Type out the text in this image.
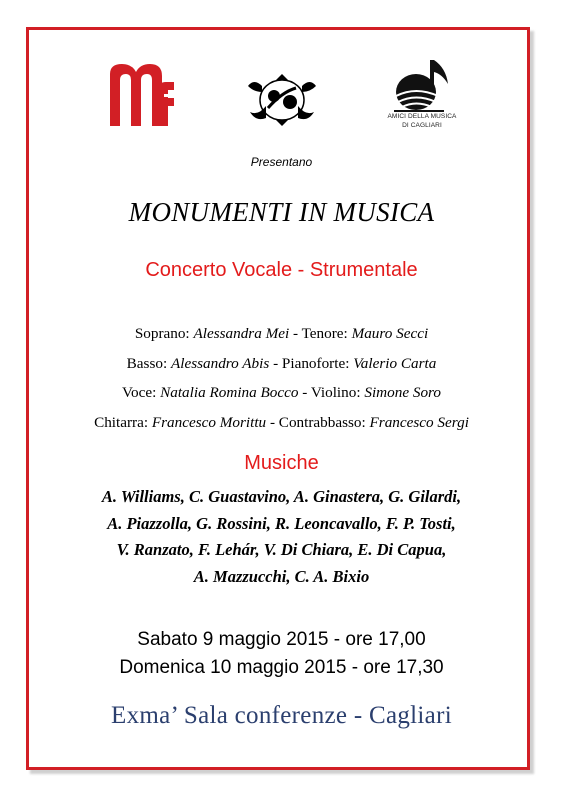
AMICI DELLA MUSICA
DI CAGLIARI
Presentano
MONUMENTI IN MUSICA
Concerto Vocale - Strumentale
Soprano: Alessandra Mei - Tenore: Mauro Secci
Basso: Alessandro Abis - Pianoforte: Valerio Carta
Voce: Natalia Romina Bocco - Violino: Simone Soro
Chitarra: Francesco Morittu - Contrabbasso: Francesco Sergi
Musiche
A. Williams, C. Guastavino, A. Ginastera, G. Gilardi,
A. Piazzolla, G. Rossini, R. Leoncavallo, F. P. Tosti,
V. Ranzato, F. Lehár, V. Di Chiara, E. Di Capua,
A. Mazzucchi, C. A. Bixio
Sabato 9 maggio 2015 - ore 17,00
Domenica 10 maggio 2015 - ore 17,30
Exma’ Sala conferenze - Cagliari
